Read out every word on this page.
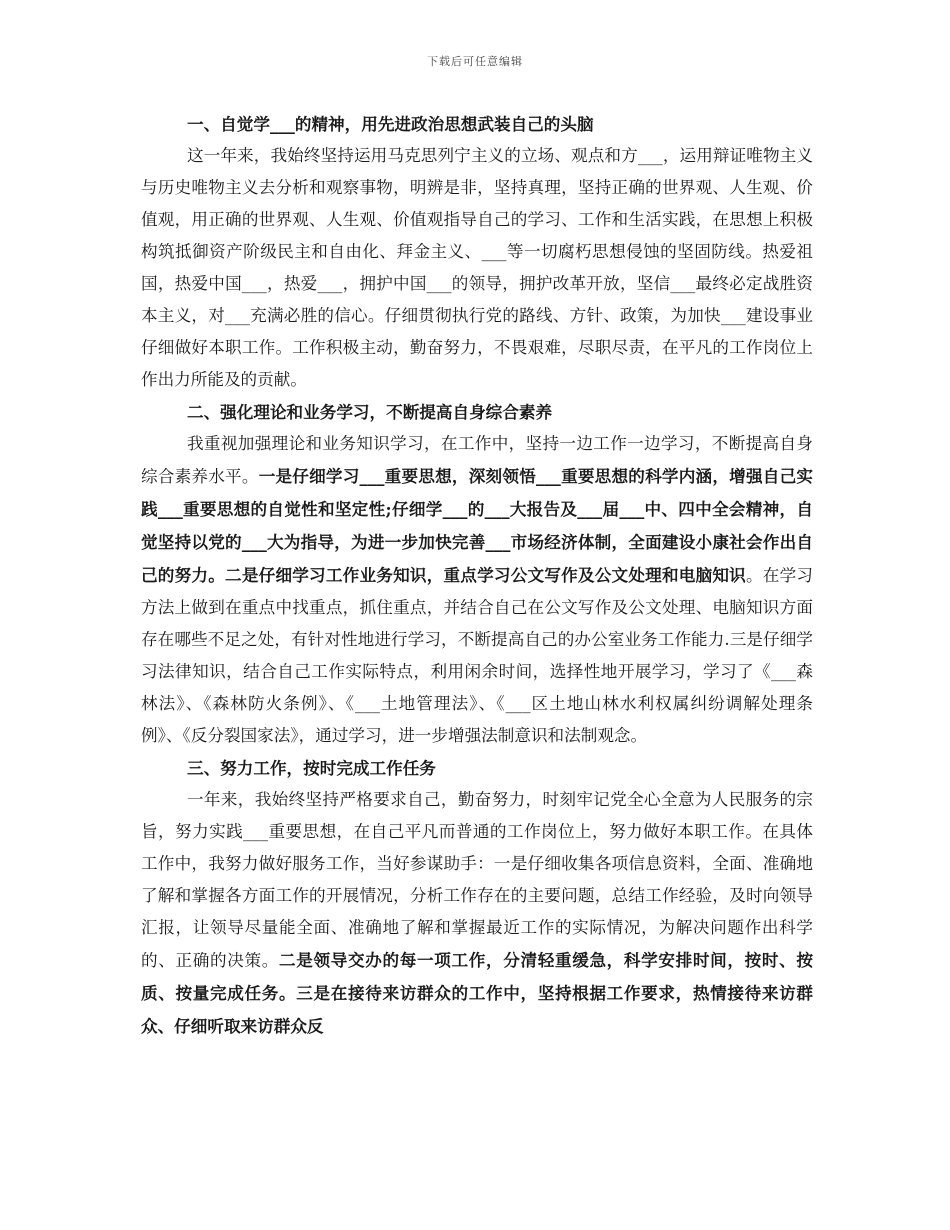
下载后可任意编辑

一、自觉学___的精神，用先进政治思想武装自己的头脑

这一年来，我始终坚持运用马克思列宁主义的立场、观点和方___，运用辩证唯物主义与历史唯物主义去分析和观察事物，明辨是非，坚持真理，坚持正确的世界观、人生观、价值观，用正确的世界观、人生观、价值观指导自己的学习、工作和生活实践，在思想上积极构筑抵御资产阶级民主和自由化、拜金主义、___等一切腐朽思想侵蚀的坚固防线。热爱祖国，热爱中国___，热爱___，拥护中国___的领导，拥护改革开放，坚信___最终必定战胜资本主义，对___充满必胜的信心。仔细贯彻执行党的路线、方针、政策，为加快___建设事业仔细做好本职工作。工作积极主动，勤奋努力，不畏艰难，尽职尽责，在平凡的工作岗位上作出力所能及的贡献。

二、强化理论和业务学习，不断提高自身综合素养

我重视加强理论和业务知识学习，在工作中，坚持一边工作一边学习，不断提高自身综合素养水平。一是仔细学习___重要思想，深刻领悟___重要思想的科学内涵，增强自己实践___重要思想的自觉性和坚定性;仔细学___的___大报告及___届___中、四中全会精神，自觉坚持以党的___大为指导，为进一步加快完善___市场经济体制，全面建设小康社会作出自己的努力。二是仔细学习工作业务知识，重点学习公文写作及公文处理和电脑知识。在学习方法上做到在重点中找重点，抓住重点，并结合自己在公文写作及公文处理、电脑知识方面存在哪些不足之处，有针对性地进行学习，不断提高自己的办公室业务工作能力.三是仔细学习法律知识，结合自己工作实际特点，利用闲余时间，选择性地开展学习，学习了《___森林法》、《森林防火条例》、《___土地管理法》、《___区土地山林水利权属纠纷调解处理条例》、《反分裂国家法》，通过学习，进一步增强法制意识和法制观念。

三、努力工作，按时完成工作任务

一年来，我始终坚持严格要求自己，勤奋努力，时刻牢记党全心全意为人民服务的宗旨，努力实践___重要思想，在自己平凡而普通的工作岗位上，努力做好本职工作。在具体工作中，我努力做好服务工作，当好参谋助手：一是仔细收集各项信息资料，全面、准确地了解和掌握各方面工作的开展情况，分析工作存在的主要问题，总结工作经验，及时向领导汇报，让领导尽量能全面、准确地了解和掌握最近工作的实际情况，为解决问题作出科学的、正确的决策。二是领导交办的每一项工作，分清轻重缓急，科学安排时间，按时、按质、按量完成任务。三是在接待来访群众的工作中，坚持根据工作要求，热情接待来访群众、仔细听取来访群众反
